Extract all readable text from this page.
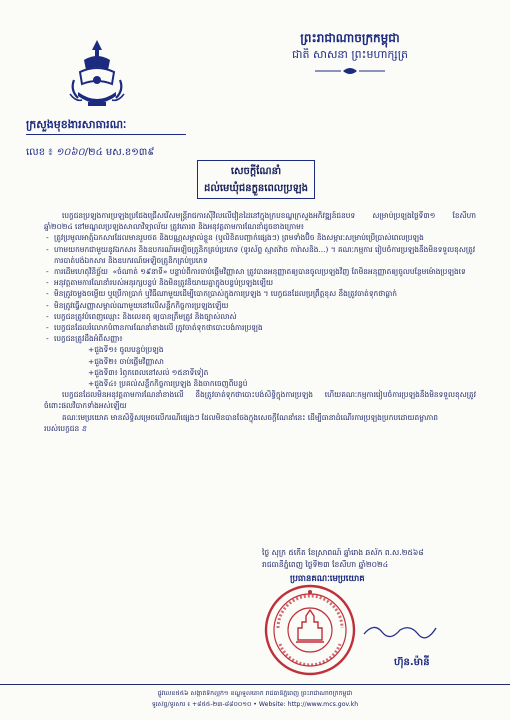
ក្រសួងមុខងារសាធារណៈ
ព្រះរាជាណាចក្រកម្ពុជា
ជាតិ សាសនា ព្រះមហាក្សត្រ
លេខ ៖ ១០៦០/២៤ មស.ខ១៣៩
សេចក្តីណែនាំ
ដល់មេឃុំជនក្លួនពេលប្រឡង

បេក្ខជនប្រឡងការប្រឡងប្រជែងជ្រើសរើសមន្ត្រីរាជការស៊ីវិលលើវៀនដៃនៅក្នុងក្របខណ្ឌក្រសួងអភិវឌ្ឍន៍ជនបទ សម្រាប់ប្រឡងថ្ងៃទី៣១ ខែសីហា ឆ្នាំ២០២៤ នៅមណ្ឌលប្រឡងសាលាវិទ្យាល័យ ត្រូវគោរព និងអនុវត្តតាមការណែនាំដូចខាងក្រោម៖

- ត្រូវប្រមូលអាត្ម៍ឯកសារដែលមានរូបថត និងបណ្ណសម្គាល់ខ្លួន (ឬលិខិតបញ្ជាក់ផ្សេងៗ) ព្រមទាំងប៊ិច និងសម្ភារៈសម្រាប់ប្រើប្រាស់ពេលប្រឡង

- ហាមយកមកជាមួយនូវឯកសារ និងឧបករណ៍អេឡិចត្រូនិកគ្រប់ប្រភេទ (ទូរស័ព្ទ ស្មាតវ៉ាច ការ៉ាសនិង...) ។ គណៈកម្មការ រៀបចំការប្រឡងនឹងមិនទទួលខុសត្រូវការបាត់បង់ឯកសារ និងឧបករណ៍អេឡិចត្រូនិកគ្រប់ប្រភេទ

- ការដើមហេតុវិនិច្ឆ័យ ​ «ចំណាត់ ១៩នាទី» បន្ទាប់ពីការចាប់ផ្តើមវិញ្ញាសា ត្រូវបានអនុញ្ញាតឲ្យបានចូលប្រឡងវិញ តែមិនអនុញ្ញាតឲ្យចូលបន្ថែមម៉ោងប្រឡងទេ

- អនុវត្តតាមការណែនាំរបស់អនុរក្សបន្ទប់ និងមិនត្រូវនិយាយគ្នាក្នុងបន្ទប់ប្រឡងឡើយ

- មិនត្រូវចម្លងចម្លើយ ឬប្រើកាប្រាក់ ឬវិធីណាមួយដើម្បីបោកប្រាស់ក្នុងការប្រឡង ។ បេក្ខជនដែលប្រព្រឹត្តខុស នឹងត្រូវចាត់ទុកថាធ្លាក់

- មិនត្រូវធ្វើសញ្ញាសម្គាល់ណាមួយនៅលើសន្លឹកកិច្ចការប្រឡងឡើយ

- បេក្ខជនត្រូវបំពេញឈ្មោះ និងលេខតុ ឲ្យបានត្រឹមត្រូវ និងច្បាស់លាស់

- បេក្ខជនដែលរំលោភបំពានការណែនាំខាងលើ ត្រូវចាត់ទុកថាបោះបង់ការប្រឡង

- បេក្ខជនត្រូវដឹងអំពីសញ្ញា៖

+ជួងទី១៖ ចូលបន្ទប់ប្រឡង

+ជួងទី២៖ ចាប់ផ្តើមវិញ្ញាសា

+ជួងទី៣៖ រំឭកពេលនៅសល់ ១៥នាទីទៀត

+ជួងទី៤៖ ប្រគល់សន្លឹកកិច្ចការប្រឡង និងចាកចេញពីបន្ទប់

បេក្ខជនដែលមិនអនុវត្តតាមការណែនាំខាងលើ នឹងត្រូវចាត់ទុកថាបោះបង់សិទ្ធិក្នុងការប្រឡង ហើយគណៈកម្មការរៀបចំការប្រឡងនឹងមិនទទួលខុសត្រូវចំពោះផលវិបាកទាំងអស់ឡើយ

គណៈមេប្រយោគ មានសិទ្ធិសម្រេចលើករណីផ្សេងៗ ដែលមិនបានចែងក្នុងសេចក្តីណែនាំនេះ ដើម្បីធានាដំណើរការប្រឡងប្រកបដោយតម្លាភាព

របស់បេក្ខជន ឌ

ថ្ងៃ សុក្រ ៥កើត ខែស្រាពណ៍ ឆ្នាំរោង ឆស័ក ព.ស.២៥៦៨
រាជធានីភ្នំពេញ ថ្ងៃទី២៣ ខែសីហា ឆ្នាំ២០២៤
ប្រធានគណៈមេប្រយោគ
ហ៊ុន.ម៉ានី
ផ្លូវលេខ៥៥៦ សង្កាត់ទឹកល្អក់១ ខណ្ឌទួលគោក រាជធានីភ្នំពេញ ព្រះរាជាណាចក្រកម្ពុជា
ទូរស័ព្ទ/ទូរសារ ៖ +៨៥៥-២៣-៨៨០០១០ • Website: http://www.mcs.gov.kh
